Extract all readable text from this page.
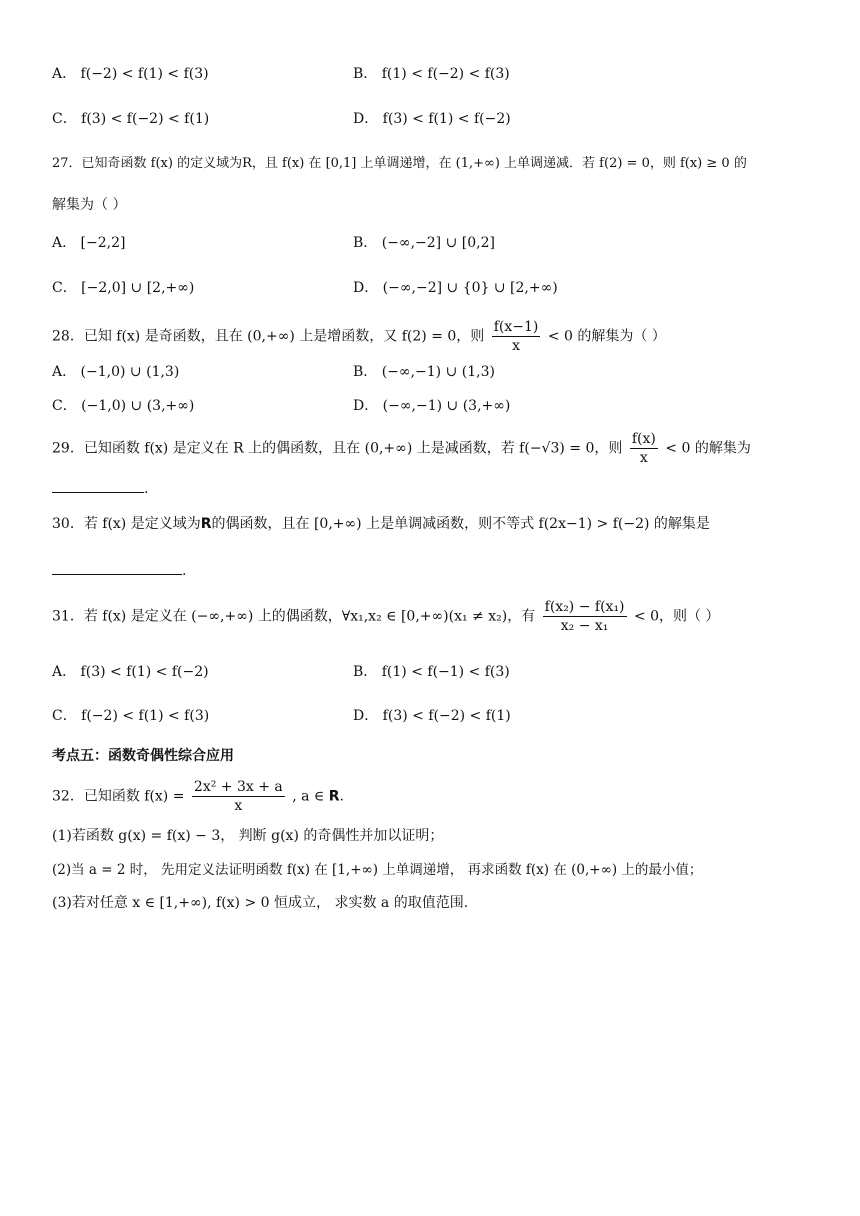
A． f(−2) < f(1) < f(3)	B． f(1) < f(−2) < f(3)
C． f(3) < f(−2) < f(1)	D． f(3) < f(1) < f(−2)
27．已知奇函数 f(x) 的定义域为R，且 f(x) 在 [0,1] 上单调递增，在 (1,+∞) 上单调递减．若 f(2) = 0，则 f(x) ≥ 0 的
解集为（ ）
A． [−2,2]	B． (−∞,−2] ∪ [0,2]
C． [−2,0] ∪ [2,+∞)	D． (−∞,−2] ∪ {0} ∪ [2,+∞)
28．已知 f(x) 是奇函数，且在 (0,+∞) 上是增函数，又 f(2) = 0，则 $\frac{f(x-1)}{x} < 0$ 的解集为（ ）
A． (−1,0) ∪ (1,3)	B． (−∞,−1) ∪ (1,3)
C． (−1,0) ∪ (3,+∞)	D． (−∞,−1) ∪ (3,+∞)
29．已知函数 f(x) 是定义在 R 上的偶函数，且在 (0,+∞) 上是减函数，若 f(−√3) = 0，则 $\frac{f(x)}{x} < 0$ 的解集为
.
30．若 f(x) 是定义域为R的偶函数，且在 [0,+∞) 上是单调减函数，则不等式 f(2x−1) > f(−2) 的解集是
.
31．若 f(x) 是定义在 (−∞,+∞) 上的偶函数，∀x₁,x₂ ∈ [0,+∞)(x₁ ≠ x₂)，有 $\frac{\text{f(x₂) − f(x₁)}}{\text{x₂ − x₁}} < 0$，则（ ）
A． f(3) < f(1) < f(−2)	B． f(1) < f(−1) < f(3)
C． f(−2) < f(1) < f(3)	D． f(3) < f(−2) < f(1)
考点五：函数奇偶性综合应用
32．已知函数 $f(x) = \frac{\text{2x² + 3x + a}}{x}$ , a ∈ R.
(1)若函数 g(x) = f(x) − 3， 判断 g(x) 的奇偶性并加以证明；
(2)当 a = 2 时， 先用定义法证明函数 f(x) 在 [1,+∞) 上单调递增， 再求函数 f(x) 在 (0,+∞) 上的最小值；
(3)若对任意 x ∈ [1,+∞), f(x) > 0 恒成立， 求实数 a 的取值范围.
